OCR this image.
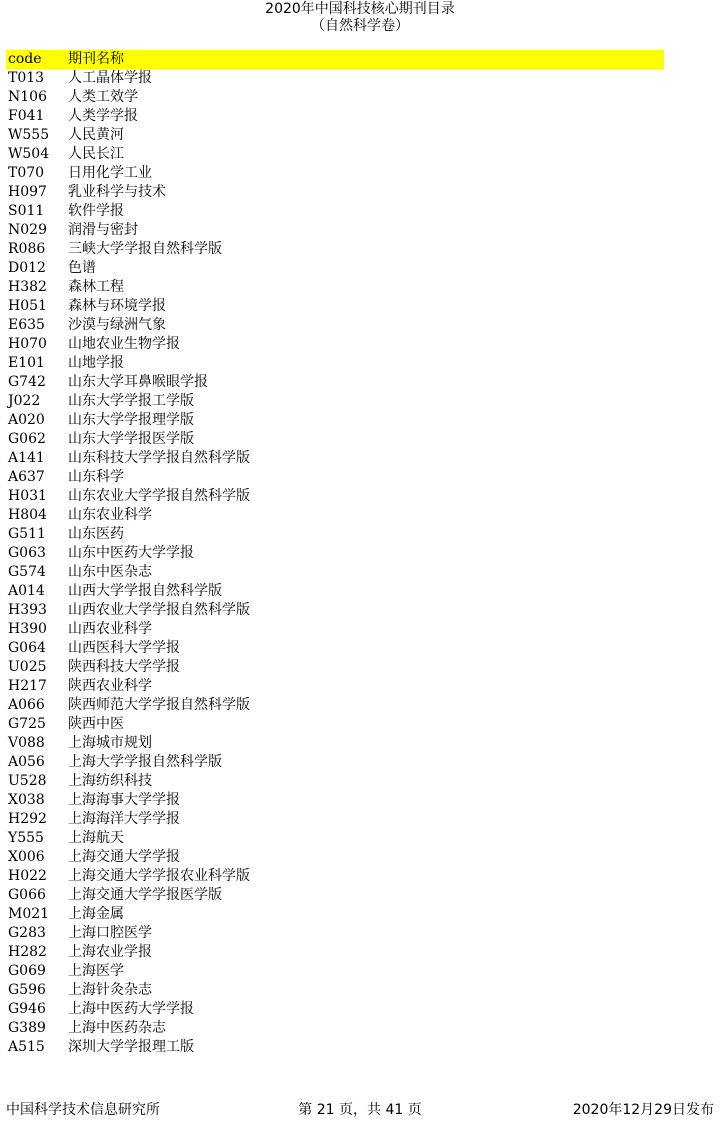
2020年中国科技核心期刊目录
（自然科学卷）
code 期刊名称
T013 人工晶体学报
N106 人类工效学
F041 人类学学报
W555 人民黄河
W504 人民长江
T070 日用化学工业
H097 乳业科学与技术
S011 软件学报
N029 润滑与密封
R086 三峡大学学报自然科学版
D012 色谱
H382 森林工程
H051 森林与环境学报
E635 沙漠与绿洲气象
H070 山地农业生物学报
E101 山地学报
G742 山东大学耳鼻喉眼学报
J022 山东大学学报工学版
A020 山东大学学报理学版
G062 山东大学学报医学版
A141 山东科技大学学报自然科学版
A637 山东科学
H031 山东农业大学学报自然科学版
H804 山东农业科学
G511 山东医药
G063 山东中医药大学学报
G574 山东中医杂志
A014 山西大学学报自然科学版
H393 山西农业大学学报自然科学版
H390 山西农业科学
G064 山西医科大学学报
U025 陕西科技大学学报
H217 陕西农业科学
A066 陕西师范大学学报自然科学版
G725 陕西中医
V088 上海城市规划
A056 上海大学学报自然科学版
U528 上海纺织科技
X038 上海海事大学学报
H292 上海海洋大学学报
Y555 上海航天
X006 上海交通大学学报
H022 上海交通大学学报农业科学版
G066 上海交通大学学报医学版
M021 上海金属
G283 上海口腔医学
H282 上海农业学报
G069 上海医学
G596 上海针灸杂志
G946 上海中医药大学学报
G389 上海中医药杂志
A515 深圳大学学报理工版
中国科学技术信息研究所	第 21 页，共 41 页	2020年12月29日发布
